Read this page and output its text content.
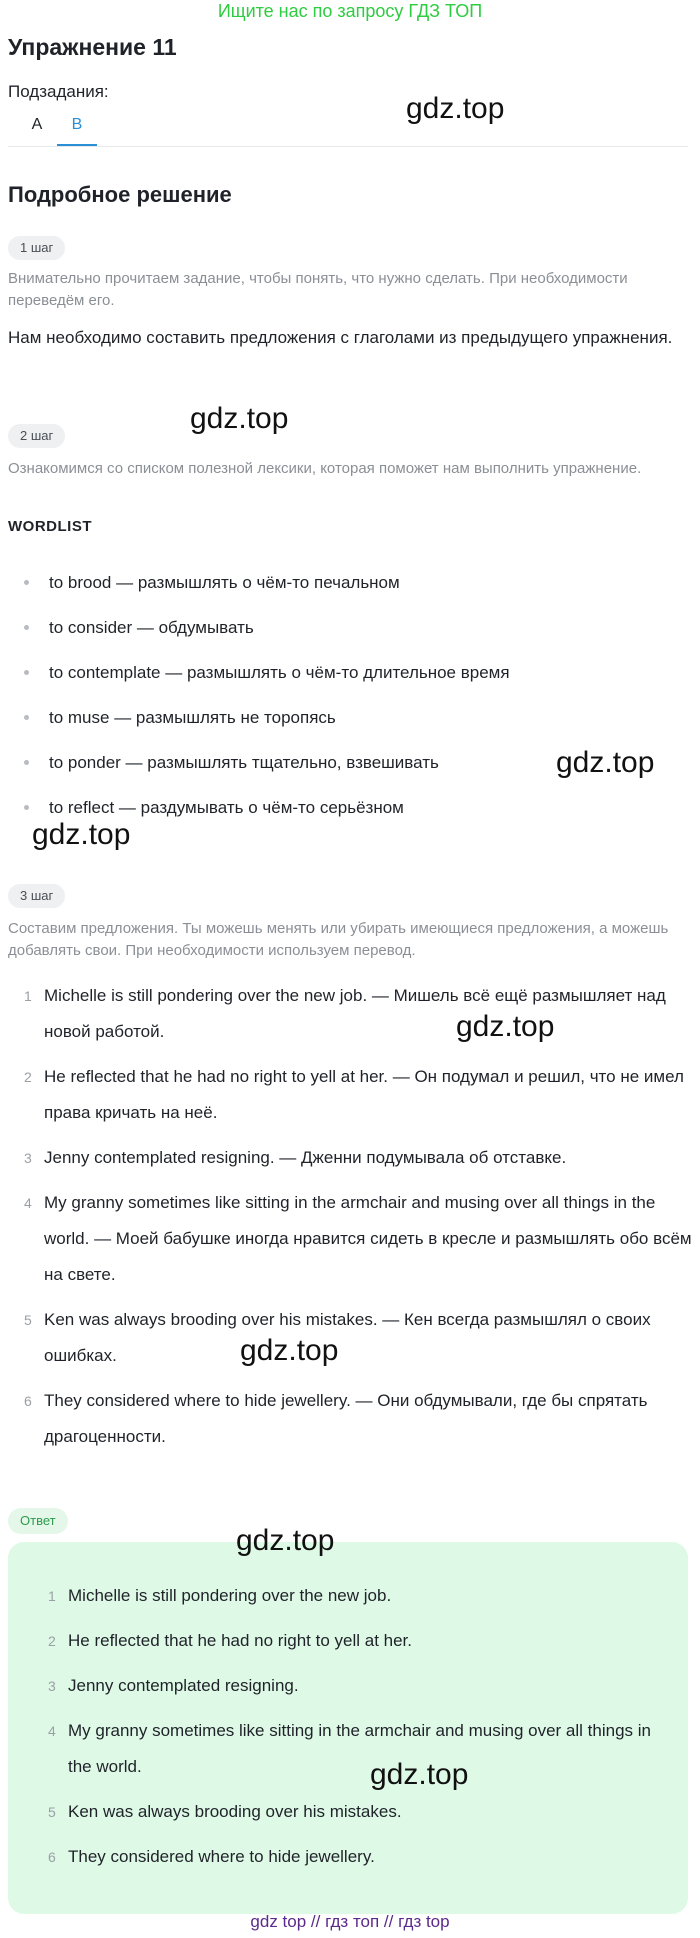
Ищите нас по запросу ГДЗ ТОП
Упражнение 11
Подзадания:
A	B	gdz.top
Подробное решение
1 шаг
Внимательно прочитаем задание, чтобы понять, что нужно сделать. При необходимости переведём его.
Нам необходимо составить предложения с глаголами из предыдущего упражнения.
gdz.top
2 шаг
Ознакомимся со списком полезной лексики, которая поможет нам выполнить упражнение.
WORDLIST
to brood — размышлять о чём-то печальном
to consider — обдумывать
to contemplate — размышлять о чём-то длительное время
to muse — размышлять не торопясь
to ponder — размышлять тщательно, взвешивать
to reflect — раздумывать о чём-то серьёзном
gdz.top
gdz.top
3 шаг
Составим предложения. Ты можешь менять или убирать имеющиеся предложения, а можешь добавлять свои. При необходимости используем перевод.
1 Michelle is still pondering over the new job. — Мишель всё ещё размышляет над новой работой.
2 He reflected that he had no right to yell at her. — Он подумал и решил, что не имел права кричать на неё.
3 Jenny contemplated resigning. — Дженни подумывала об отставке.
4 My granny sometimes like sitting in the armchair and musing over all things in the world. — Моей бабушке иногда нравится сидеть в кресле и размышлять обо всём на свете.
5 Ken was always brooding over his mistakes. — Кен всегда размышлял о своих ошибках.
6 They considered where to hide jewellery. — Они обдумывали, где бы спрятать драгоценности.
gdz.top
gdz.top
Ответ
gdz.top
1 Michelle is still pondering over the new job.
2 He reflected that he had no right to yell at her.
3 Jenny contemplated resigning.
4 My granny sometimes like sitting in the armchair and musing over all things in the world.
5 Ken was always brooding over his mistakes.
6 They considered where to hide jewellery.
gdz.top
gdz top // гдз топ // гдз top
